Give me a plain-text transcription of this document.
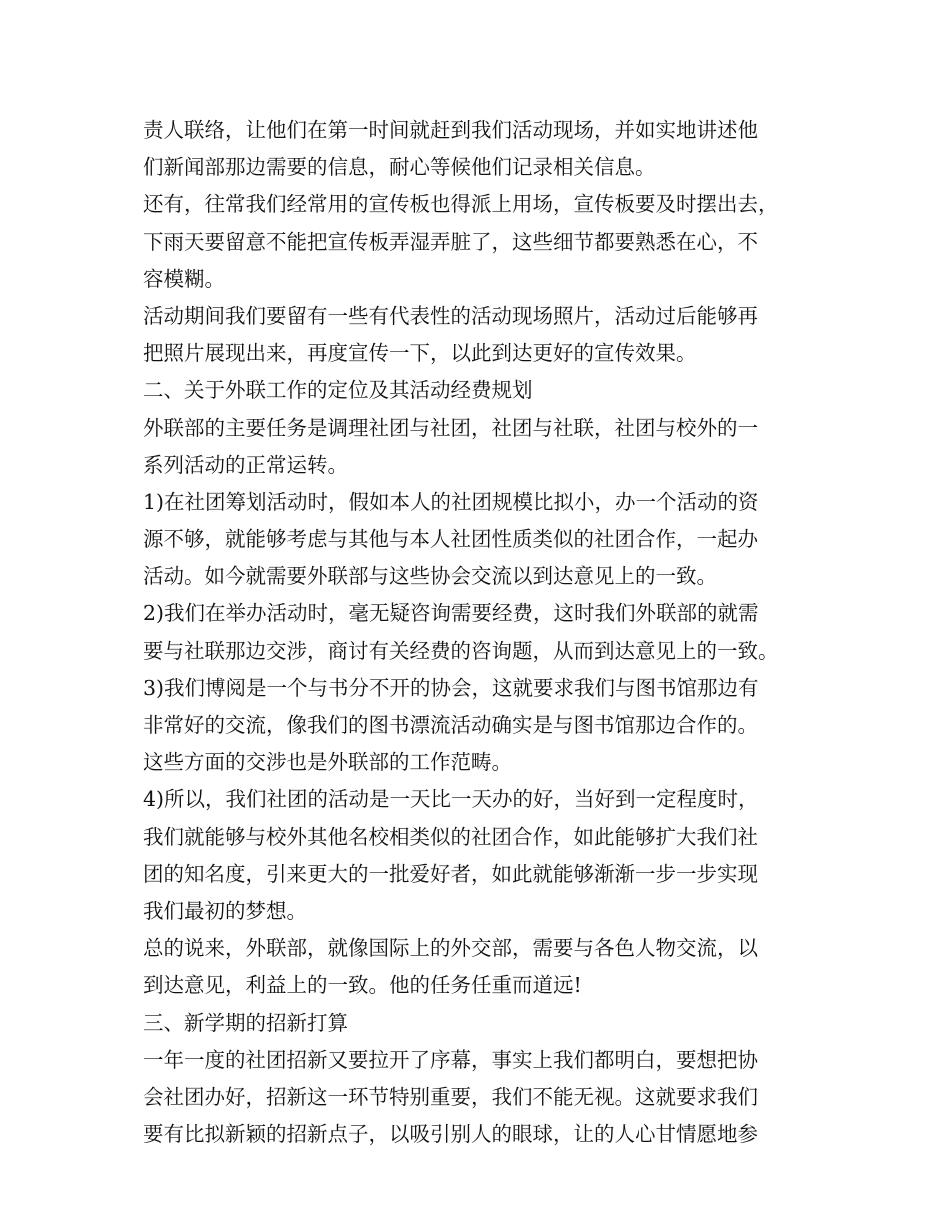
责人联络，让他们在第一时间就赶到我们活动现场，并如实地讲述他
们新闻部那边需要的信息，耐心等候他们记录相关信息。
还有，往常我们经常用的宣传板也得派上用场，宣传板要及时摆出去，
下雨天要留意不能把宣传板弄湿弄脏了，这些细节都要熟悉在心，不
容模糊。
活动期间我们要留有一些有代表性的活动现场照片，活动过后能够再
把照片展现出来，再度宣传一下，以此到达更好的宣传效果。
二、关于外联工作的定位及其活动经费规划
外联部的主要任务是调理社团与社团，社团与社联，社团与校外的一
系列活动的正常运转。
1)在社团筹划活动时，假如本人的社团规模比拟小，办一个活动的资
源不够，就能够考虑与其他与本人社团性质类似的社团合作，一起办
活动。如今就需要外联部与这些协会交流以到达意见上的一致。
2)我们在举办活动时，毫无疑咨询需要经费，这时我们外联部的就需
要与社联那边交涉，商讨有关经费的咨询题，从而到达意见上的一致。
3)我们博阅是一个与书分不开的协会，这就要求我们与图书馆那边有
非常好的交流，像我们的图书漂流活动确实是与图书馆那边合作的。
这些方面的交涉也是外联部的工作范畴。
4)所以，我们社团的活动是一天比一天办的好，当好到一定程度时，
我们就能够与校外其他名校相类似的社团合作，如此能够扩大我们社
团的知名度，引来更大的一批爱好者，如此就能够渐渐一步一步实现
我们最初的梦想。
总的说来，外联部，就像国际上的外交部，需要与各色人物交流，以
到达意见，利益上的一致。他的任务任重而道远!
三、新学期的招新打算
一年一度的社团招新又要拉开了序幕，事实上我们都明白，要想把协
会社团办好，招新这一环节特别重要，我们不能无视。这就要求我们
要有比拟新颖的招新点子，以吸引别人的眼球，让的人心甘情愿地参
